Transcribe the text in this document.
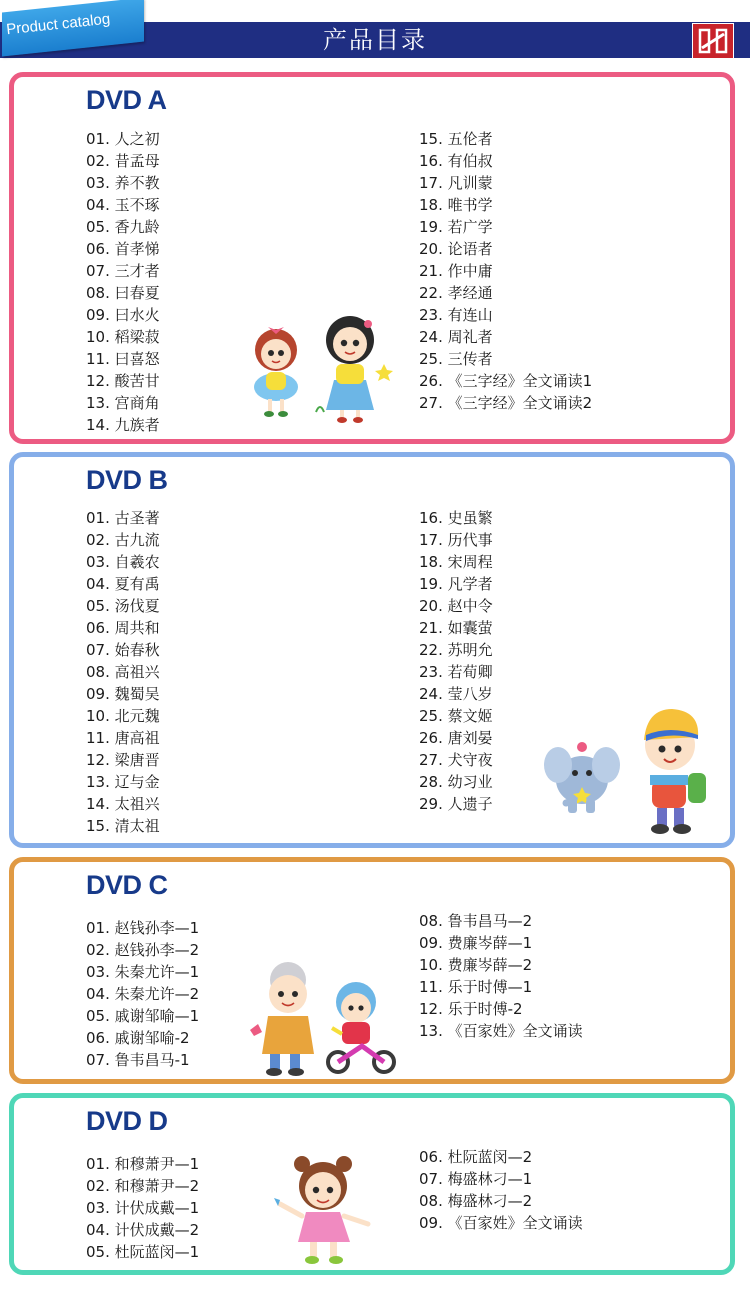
产品目录
Product catalog
DVD A
01. 人之初
02. 昔孟母
03. 养不教
04. 玉不琢
05. 香九龄
06. 首孝悌
07. 三才者
08. 曰春夏
09. 曰水火
10. 稻梁菽
11. 曰喜怒
12. 酸苦甘
13. 宫商角
14. 九族者
15. 五伦者
16. 有伯叔
17. 凡训蒙
18. 唯书学
19. 若广学
20. 论语者
21. 作中庸
22. 孝经通
23. 有连山
24. 周礼者
25. 三传者
26. 《三字经》全文诵读1
27. 《三字经》全文诵读2
DVD B
01. 古圣著
02. 古九流
03. 自羲农
04. 夏有禹
05. 汤伐夏
06. 周共和
07. 始春秋
08. 高祖兴
09. 魏蜀吴
10. 北元魏
11. 唐高祖
12. 梁唐晋
13. 辽与金
14. 太祖兴
15. 清太祖
16. 史虽繁
17. 历代事
18. 宋周程
19. 凡学者
20. 赵中令
21. 如囊萤
22. 苏明允
23. 若荀卿
24. 莹八岁
25. 蔡文姬
26. 唐刘晏
27. 犬守夜
28. 幼习业
29. 人遗子
DVD C
01. 赵钱孙李—1
02. 赵钱孙李—2
03. 朱秦尤许—1
04. 朱秦尤许—2
05. 戚谢邹喻—1
06. 戚谢邹喻-2
07. 鲁韦昌马-1
08. 鲁韦昌马—2
09. 费廉岑薛—1
10. 费廉岑薛—2
11. 乐于时傅—1
12. 乐于时傅-2
13. 《百家姓》全文诵读
DVD D
01. 和穆萧尹—1
02. 和穆萧尹—2
03. 计伏成戴—1
04. 计伏成戴—2
05. 杜阮蓝闵—1
06. 杜阮蓝闵—2
07. 梅盛林刁—1
08. 梅盛林刁—2
09. 《百家姓》全文诵读
